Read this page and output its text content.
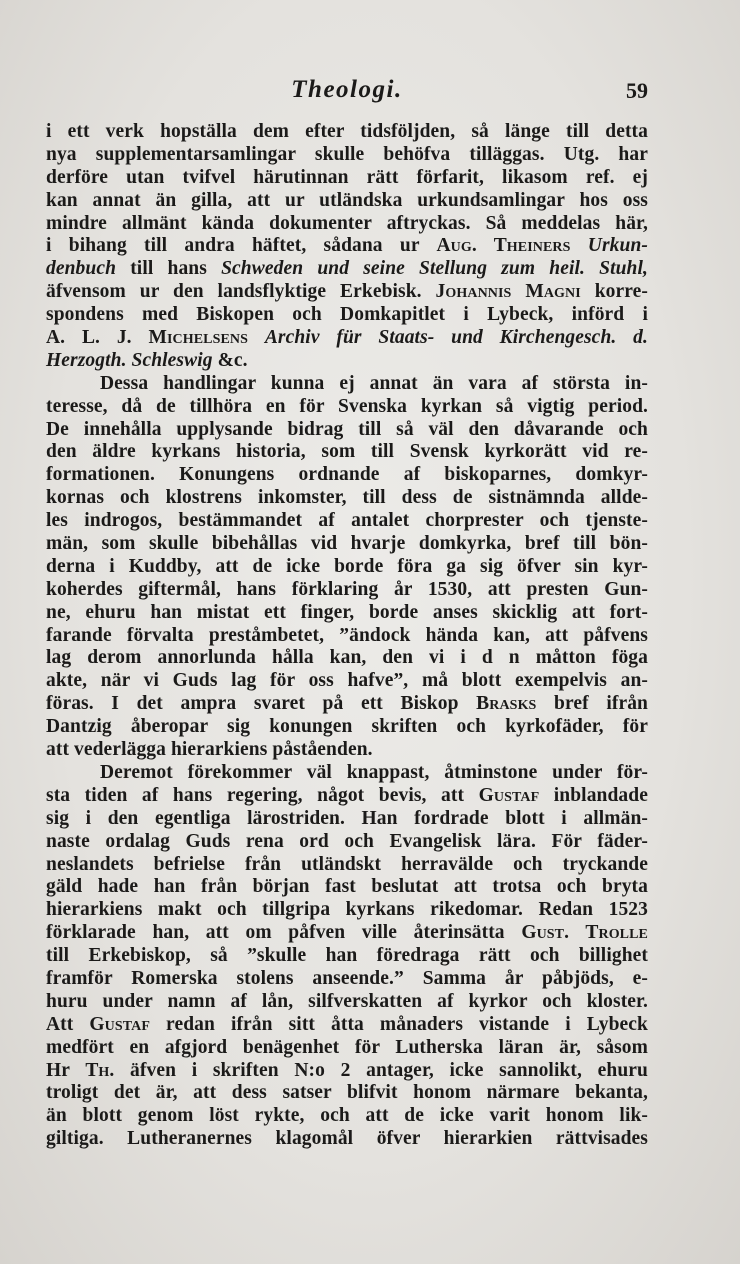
Theologi.	59
i ett verk hopställa dem efter tidsföljden, så länge till detta
nya supplementarsamlingar skulle behöfva tilläggas. Utg. har
derföre utan tvifvel härutinnan rätt förfarit, likasom ref. ej
kan annat än gilla, att ur utländska urkundsamlingar hos oss
mindre allmänt kända dokumenter aftryckas. Så meddelas här,
i bihang till andra häftet, sådana ur Aug. Theiners Urkun-
denbuch till hans Schweden und seine Stellung zum heil. Stuhl,
äfvensom ur den landsflyktige Erkebisk. Johannis Magni korre-
spondens med Biskopen och Domkapitlet i Lybeck, införd i
A. L. J. Michelsens Archiv für Staats- und Kirchengesch. d.
Herzogth. Schleswig &c.
Dessa handlingar kunna ej annat än vara af största in-
teresse, då de tillhöra en för Svenska kyrkan så vigtig period.
De innehålla upplysande bidrag till så väl den dåvarande och
den äldre kyrkans historia, som till Svensk kyrkorätt vid re-
formationen. Konungens ordnande af biskoparnes, domkyr-
kornas och klostrens inkomster, till dess de sistnämnda allde-
les indrogos, bestämmandet af antalet chorprester och tjenste-
män, som skulle bibehållas vid hvarje domkyrka, bref till bön-
derna i Kuddby, att de icke borde föra ga sig öfver sin kyr-
koherdes giftermål, hans förklaring år 1530, att presten Gun-
ne, ehuru han mistat ett finger, borde anses skicklig att fort-
farande förvalta preståmbetet, ”ändock hända kan, att påfvens
lag derom annorlunda hålla kan, den vi i d n måtton föga
akte, när vi Guds lag för oss hafve”, må blott exempelvis an-
föras. I det ampra svaret på ett Biskop Brasks bref ifrån
Dantzig åberopar sig konungen skriften och kyrkofäder, för
att vederlägga hierarkiens påståenden.
Deremot förekommer väl knappast, åtminstone under för-
sta tiden af hans regering, något bevis, att Gustaf inblandade
sig i den egentliga lärostriden. Han fordrade blott i allmän-
naste ordalag Guds rena ord och Evangelisk lära. För fäder-
neslandets befrielse från utländskt herravälde och tryckande
gäld hade han från början fast beslutat att trotsa och bryta
hierarkiens makt och tillgripa kyrkans rikedomar. Redan 1523
förklarade han, att om påfven ville återinsätta Gust. Trolle
till Erkebiskop, så ”skulle han föredraga rätt och billighet
framför Romerska stolens anseende.” Samma år påbjöds, e-
huru under namn af lån, silfverskatten af kyrkor och kloster.
Att Gustaf redan ifrån sitt åtta månaders vistande i Lybeck
medfört en afgjord benägenhet för Lutherska läran är, såsom
Hr Th. äfven i skriften N:o 2 antager, icke sannolikt, ehuru
troligt det är, att dess satser blifvit honom närmare bekanta,
än blott genom löst rykte, och att de icke varit honom lik-
giltiga. Lutheranernes klagomål öfver hierarkien rättvisades
